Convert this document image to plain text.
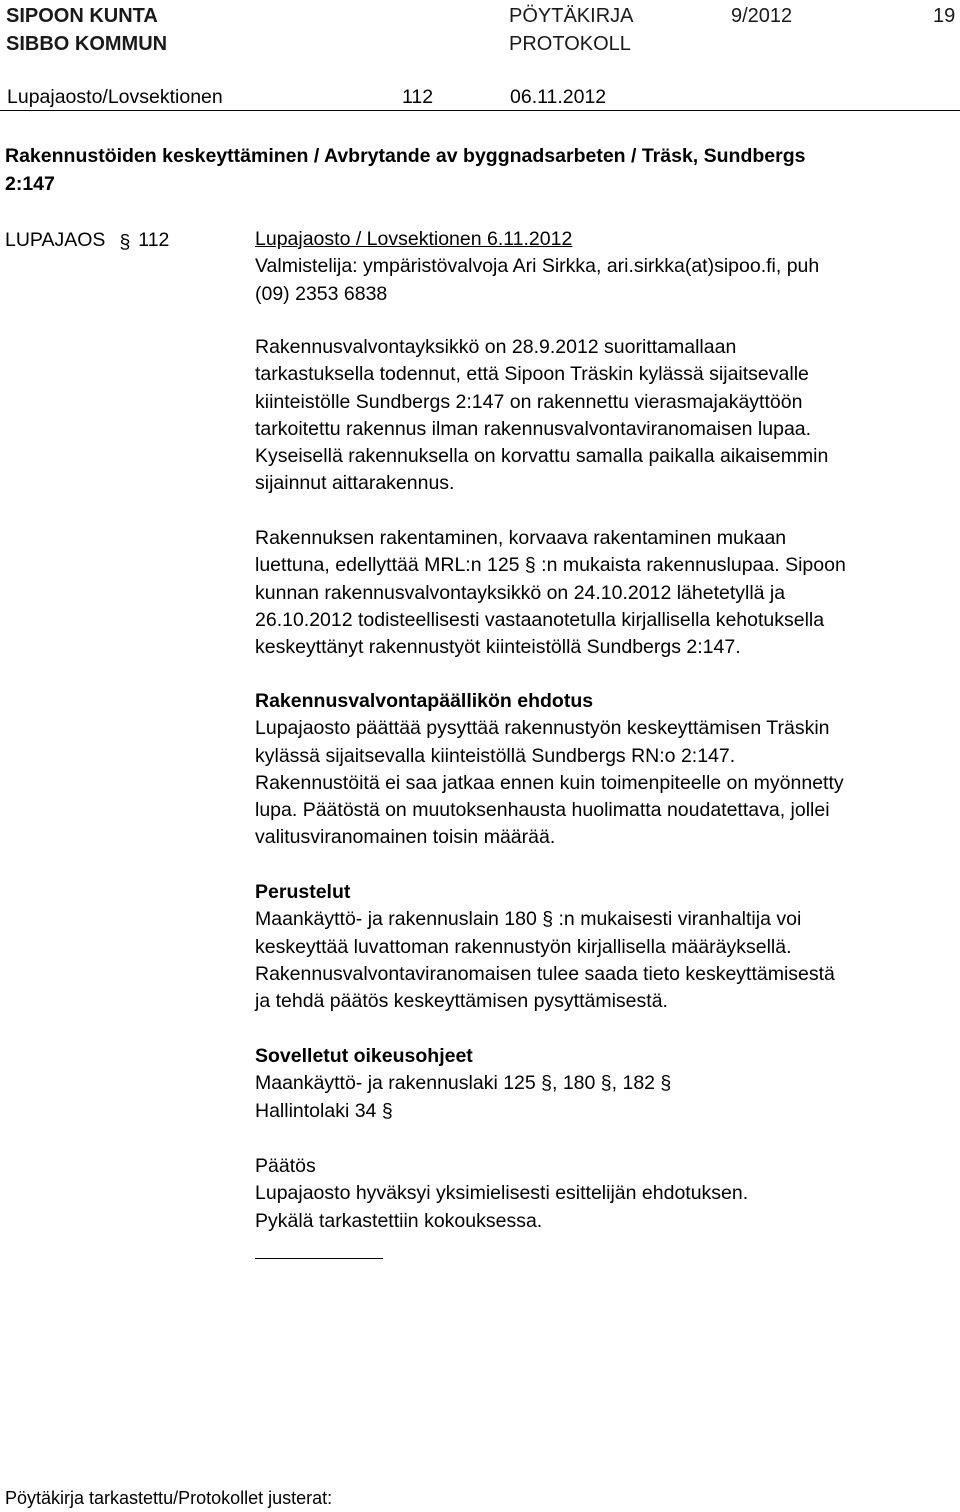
SIPOON KUNTA
SIBBO KOMMUN
PÖYTÄKIRJA
PROTOKOLL
9/2012	19
Lupajaosto/Lovsektionen	112	06.11.2012
Rakennustöiden keskeyttäminen / Avbrytande av byggnadsarbeten / Träsk, Sundbergs
2:147
LUPAJAOS § 112	Lupajaosto / Lovsektionen 6.11.2012
Valmistelija: ympäristövalvoja Ari Sirkka, ari.sirkka(at)sipoo.fi, puh
(09) 2353 6838
Rakennusvalvontayksikkö on 28.9.2012 suorittamallaan
tarkastuksella todennut, että Sipoon Träskin kylässä sijaitsevalle
kiinteistölle Sundbergs 2:147 on rakennettu vierasmajakäyttöön
tarkoitettu rakennus ilman rakennusvalvontaviranomaisen lupaa.
Kyseisellä rakennuksella on korvattu samalla paikalla aikaisemmin
sijainnut aittarakennus.
Rakennuksen rakentaminen, korvaava rakentaminen mukaan
luettuna, edellyttää MRL:n 125 § :n mukaista rakennuslupaa. Sipoon
kunnan rakennusvalvontayksikkö on 24.10.2012 lähetetyllä ja
26.10.2012 todisteellisesti vastaanotetulla kirjallisella kehotuksella
keskeyttänyt rakennustyöt kiinteistöllä Sundbergs 2:147.
Rakennusvalvontapäällikön ehdotus
Lupajaosto päättää pysyttää rakennustyön keskeyttämisen Träskin
kylässä sijaitsevalla kiinteistöllä Sundbergs RN:o 2:147.
Rakennustöitä ei saa jatkaa ennen kuin toimenpiteelle on myönnetty
lupa. Päätöstä on muutoksenhausta huolimatta noudatettava, jollei
valitusviranomainen toisin määrää.
Perustelut
Maankäyttö- ja rakennuslain 180 § :n mukaisesti viranhaltija voi
keskeyttää luvattoman rakennustyön kirjallisella määräyksellä.
Rakennusvalvontaviranomaisen tulee saada tieto keskeyttämisestä
ja tehdä päätös keskeyttämisen pysyttämisestä.
Sovelletut oikeusohjeet
Maankäyttö- ja rakennuslaki 125 §, 180 §, 182 §
Hallintolaki 34 §
Päätös
Lupajaosto hyväksyi yksimielisesti esittelijän ehdotuksen.
Pykälä tarkastettiin kokouksessa.
Pöytäkirja tarkastettu/Protokollet justerat:
